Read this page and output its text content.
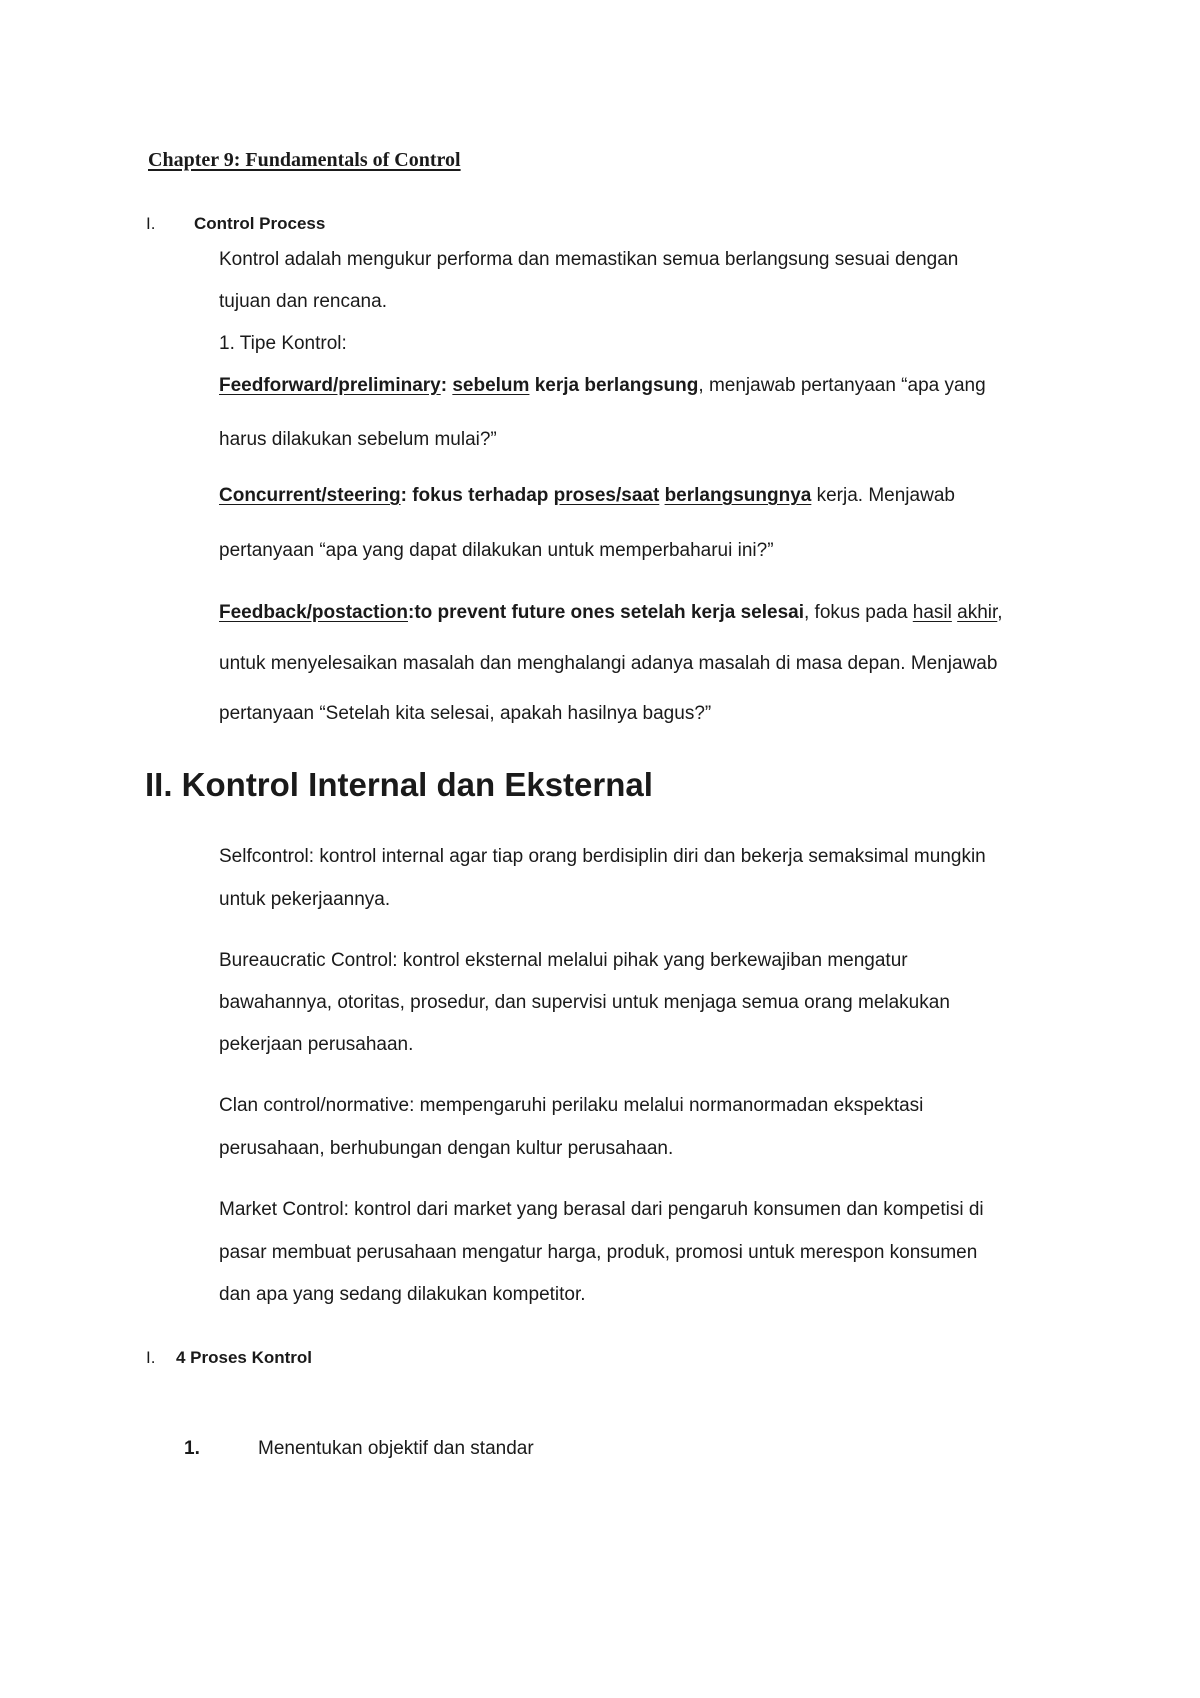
Chapter 9: Fundamentals of Control
I. Control Process
Kontrol adalah mengukur performa dan memastikan semua berlangsung sesuai dengan
tujuan dan rencana.
1. Tipe Kontrol:
Feedforward/preliminary: sebelum kerja berlangsung, menjawab pertanyaan “apa yang
harus dilakukan sebelum mulai?”
Concurrent/steering: fokus terhadap proses/saat berlangsungnya kerja. Menjawab
pertanyaan “apa yang dapat dilakukan untuk memperbaharui ini?”
Feedback/postaction:to prevent future ones setelah kerja selesai, fokus pada hasil akhir,
untuk menyelesaikan masalah dan menghalangi adanya masalah di masa depan. Menjawab
pertanyaan “Setelah kita selesai, apakah hasilnya bagus?”
II. Kontrol Internal dan Eksternal
Selfcontrol: kontrol internal agar tiap orang berdisiplin diri dan bekerja semaksimal mungkin
untuk pekerjaannya.
Bureaucratic Control: kontrol eksternal melalui pihak yang berkewajiban mengatur
bawahannya, otoritas, prosedur, dan supervisi untuk menjaga semua orang melakukan
pekerjaan perusahaan.
Clan control/normative: mempengaruhi perilaku melalui normanormadan ekspektasi
perusahaan, berhubungan dengan kultur perusahaan.
Market Control: kontrol dari market yang berasal dari pengaruh konsumen dan kompetisi di
pasar membuat perusahaan mengatur harga, produk, promosi untuk merespon konsumen
dan apa yang sedang dilakukan kompetitor.
I. 4 Proses Kontrol
1.	Menentukan objektif dan standar
